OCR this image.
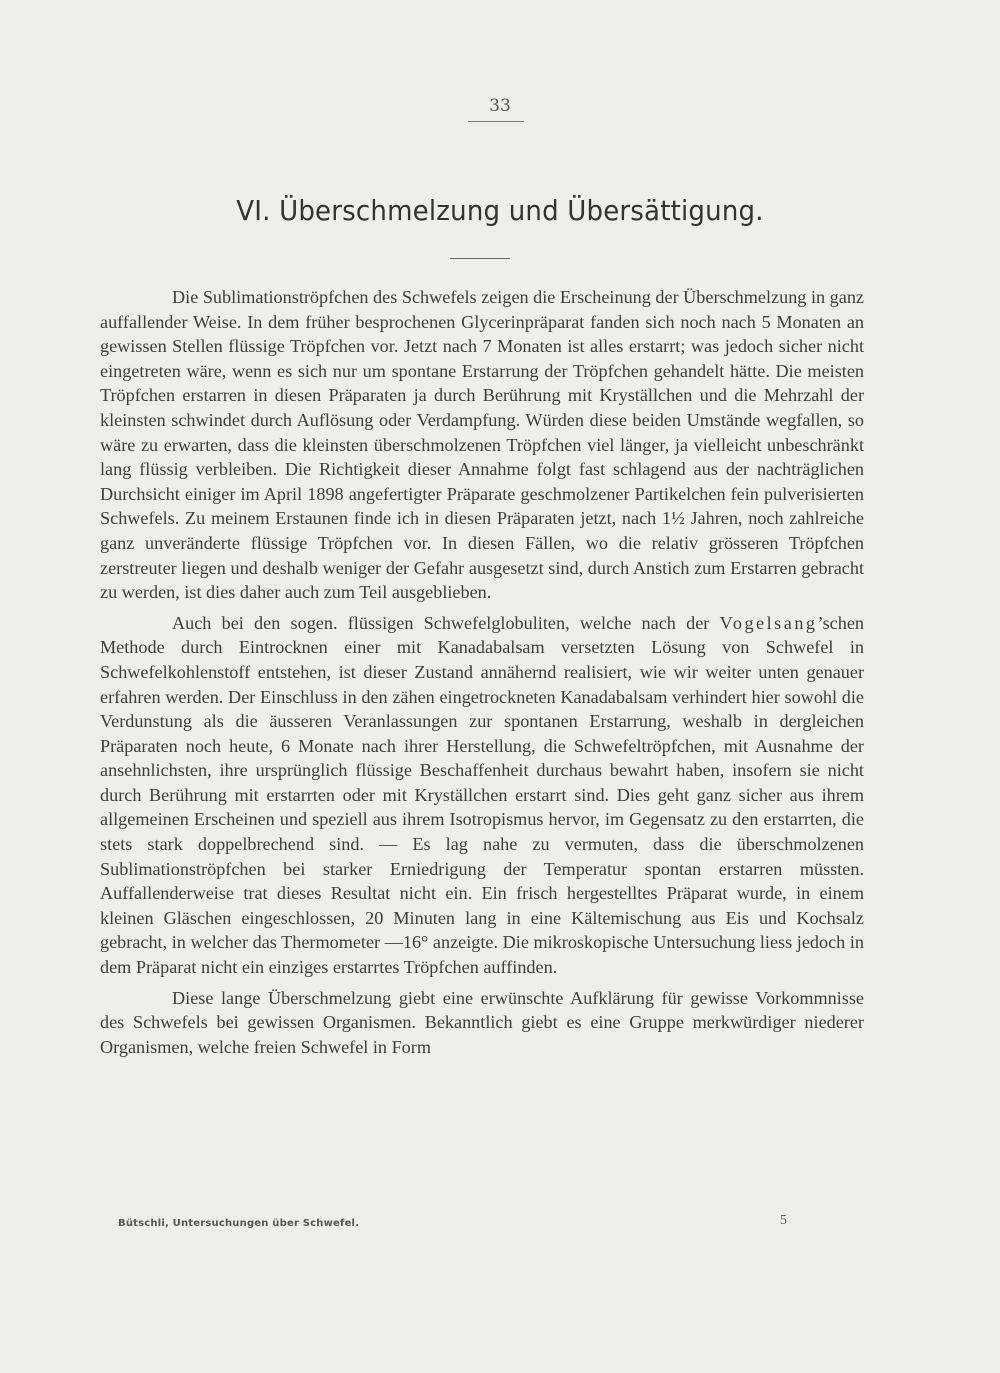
33
VI. Überschmelzung und Übersättigung.

Die Sublimationströpfchen des Schwefels zeigen die Erscheinung der Überschmelzung in ganz auffallender Weise. In dem früher besprochenen Glycerinpräparat fanden sich noch nach 5 Monaten an gewissen Stellen flüssige Tröpfchen vor. Jetzt nach 7 Monaten ist alles erstarrt; was jedoch sicher nicht eingetreten wäre, wenn es sich nur um spontane Erstarrung der Tröpfchen gehandelt hätte. Die meisten Tröpfchen erstarren in diesen Präparaten ja durch Berührung mit Kryställchen und die Mehrzahl der kleinsten schwindet durch Auflösung oder Verdampfung. Würden diese beiden Umstände wegfallen, so wäre zu erwarten, dass die kleinsten überschmolzenen Tröpfchen viel länger, ja vielleicht unbeschränkt lang flüssig verbleiben. Die Richtigkeit dieser Annahme folgt fast schlagend aus der nachträglichen Durchsicht einiger im April 1898 angefertigter Präparate geschmolzener Partikelchen fein pulverisierten Schwefels. Zu meinem Erstaunen finde ich in diesen Präparaten jetzt, nach 1½ Jahren, noch zahlreiche ganz unveränderte flüssige Tröpfchen vor. In diesen Fällen, wo die relativ grösseren Tröpfchen zerstreuter liegen und deshalb weniger der Gefahr ausgesetzt sind, durch Anstich zum Erstarren gebracht zu werden, ist dies daher auch zum Teil ausgeblieben.

Auch bei den sogen. flüssigen Schwefelglobuliten, welche nach der Vogelsang’schen Methode durch Eintrocknen einer mit Kanadabalsam versetzten Lösung von Schwefel in Schwefelkohlenstoff entstehen, ist dieser Zustand annähernd realisiert, wie wir weiter unten genauer erfahren werden. Der Einschluss in den zähen eingetrockneten Kanadabalsam verhindert hier sowohl die Verdunstung als die äusseren Veranlassungen zur spontanen Erstarrung, weshalb in dergleichen Präparaten noch heute, 6 Monate nach ihrer Herstellung, die Schwefeltröpfchen, mit Ausnahme der ansehnlichsten, ihre ursprünglich flüssige Beschaffenheit durchaus bewahrt haben, insofern sie nicht durch Berührung mit erstarrten oder mit Kryställchen erstarrt sind. Dies geht ganz sicher aus ihrem allgemeinen Erscheinen und speziell aus ihrem Isotropismus hervor, im Gegensatz zu den erstarrten, die stets stark doppelbrechend sind. — Es lag nahe zu vermuten, dass die überschmolzenen Sublimationströpfchen bei starker Erniedrigung der Temperatur spontan erstarren müssten. Auffallenderweise trat dieses Resultat nicht ein. Ein frisch hergestelltes Präparat wurde, in einem kleinen Gläschen eingeschlossen, 20 Minuten lang in eine Kältemischung aus Eis und Kochsalz gebracht, in welcher das Thermometer —16° anzeigte. Die mikroskopische Untersuchung liess jedoch in dem Präparat nicht ein einziges erstarrtes Tröpfchen auffinden.

Diese lange Überschmelzung giebt eine erwünschte Aufklärung für gewisse Vorkommnisse des Schwefels bei gewissen Organismen. Bekanntlich giebt es eine Gruppe merkwürdiger niederer Organismen, welche freien Schwefel in Form

Bütschli, Untersuchungen über Schwefel.	5
